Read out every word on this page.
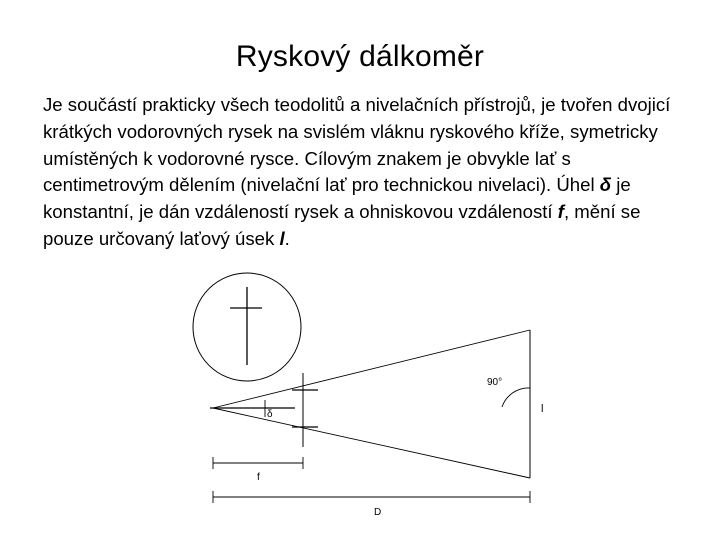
Ryskový dálkoměr
Je součástí prakticky všech teodolitů a nivelačních přístrojů, je tvořen dvojicí krátkých vodorovných rysek na svislém vláknu ryskového kříže, symetricky umístěných k vodorovné rysce. Cílovým znakem je obvykle lať s centimetrovým dělením (nivelační lať pro technickou nivelaci). Úhel δ je konstantní, je dán vzdáleností rysek a ohniskovou vzdáleností f, mění se pouze určovaný laťový úsek l.
90°
δ	l
f
D
